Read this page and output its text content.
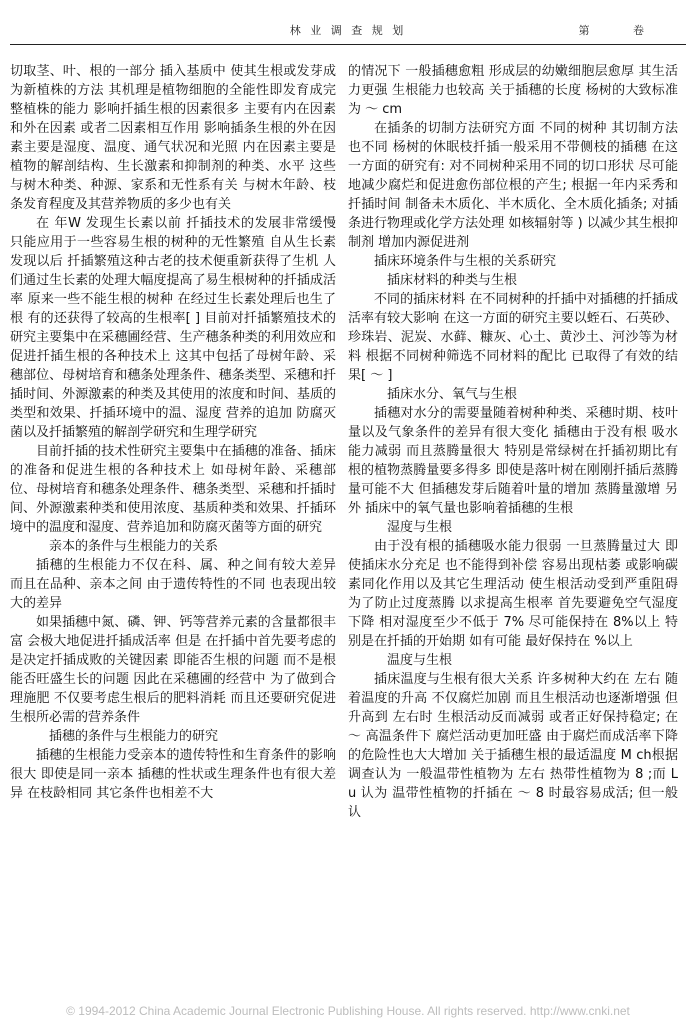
林 业 调 查 规 划	第 卷

切取茎、叶、根的一部分 插入基质中 使其生根或发芽成为新植株的方法 其机理是植物细胞的全能性即发育成完整植株的能力 影响扦插生根的因素很多 主要有内在因素和外在因素 或者二因素相互作用 影响插条生根的外在因素主要是湿度、温度、通气状况和光照 内在因素主要是植物的解剖结构、生长激素和抑制剂的种类、水平 这些与树木种类、种源、家系和无性系有关 与树木年龄、枝条发育程度及其营养物质的多少也有关

在 年W 发现生长素以前 扦插技术的发展非常缓慢 只能应用于一些容易生根的树种的无性繁殖 自从生长素发现以后 扦插繁殖这种古老的技术便重新获得了生机 人们通过生长素的处理大幅度提高了易生根树种的扦插成活率 原来一些不能生根的树种 在经过生长素处理后也生了根 有的还获得了较高的生根率[ ] 目前对扦插繁殖技术的研究主要集中在采穗圃经营、生产穗条种类的利用效应和促进扦插生根的各种技术上 这其中包括了母树年龄、采穗部位、母树培育和穗条处理条件、穗条类型、采穗和扦插时间、外源激素的种类及其使用的浓度和时间、基质的类型和效果、扦插环境中的温、湿度 营养的追加 防腐灭菌以及扦插繁殖的解剖学研究和生理学研究

目前扦插的技术性研究主要集中在插穗的准备、插床的准备和促进生根的各种技术上 如母树年龄、采穗部位、母树培育和穗条处理条件、穗条类型、采穗和扦插时间、外源激素种类和使用浓度、基质种类和效果、扦插环境中的温度和湿度、营养追加和防腐灭菌等方面的研究

亲本的条件与生根能力的关系

插穗的生根能力不仅在科、属、种之间有较大差异 而且在品种、亲本之间 由于遗传特性的不同 也表现出较大的差异

如果插穗中氮、磷、钾、钙等营养元素的含量都很丰富 会极大地促进扦插成活率 但是 在扦插中首先要考虑的是决定扦插成败的关键因素 即能否生根的问题 而不是根能否旺盛生长的问题 因此在采穗圃的经营中 为了做到合理施肥 不仅要考虑生根后的肥料消耗 而且还要研究促进生根所必需的营养条件

插穗的条件与生根能力的研究

插穗的生根能力受亲本的遗传特性和生育条件的影响很大 即使是同一亲本 插穗的性状或生理条件也有很大差异 在枝龄相同 其它条件也相差不大

的情况下 一般插穗愈粗 形成层的幼嫩细胞层愈厚 其生活力更强 生根能力也较高 关于插穗的长度 杨树的大致标准为 ～ cm

在插条的切制方法研究方面 不同的树种 其切制方法也不同 杨树的休眠枝扦插一般采用不带侧枝的插穗 在这一方面的研究有: 对不同树种采用不同的切口形状 尽可能地减少腐烂和促进愈伤部位根的产生; 根据一年内采秀和扦插时间 制备未木质化、半木质化、全木质化插条; 对插条进行物理或化学方法处理 如核辐射等 ) 以减少其生根抑制剂 增加内源促进剂

插床环境条件与生根的关系研究

插床材料的种类与生根

不同的插床材料 在不同树种的扦插中对插穗的扦插成活率有较大影响 在这一方面的研究主要以蛭石、石英砂、珍珠岩、泥炭、水藓、糠灰、心土、黄沙土、河沙等为材料 根据不同树种筛选不同材料的配比 已取得了有效的结果[ ～ ]

插床水分、氧气与生根

插穗对水分的需要量随着树种种类、采穗时期、枝叶量以及气象条件的差异有很大变化 插穗由于没有根 吸水能力减弱 而且蒸腾量很大 特别是常绿树在扦插初期比有根的植物蒸腾量要多得多 即使是落叶树在刚刚扦插后蒸腾量可能不大 但插穗发芽后随着叶量的增加 蒸腾量激增 另外 插床中的氧气量也影响着插穗的生根

湿度与生根

由于没有根的插穗吸水能力很弱 一旦蒸腾量过大 即使插床水分充足 也不能得到补偿 容易出现枯萎 或影响碳素同化作用以及其它生理活动 使生根活动受到严重阻碍 为了防止过度蒸腾 以求提高生根率 首先要避免空气湿度下降 相对湿度至少不低于 7% 尽可能保持在 8%以上 特别是在扦插的开始期 如有可能 最好保持在 %以上

温度与生根

插床温度与生根有很大关系 许多树种大约在 左右 随着温度的升高 不仅腐烂加剧 而且生根活动也逐渐增强 但升高到 左右时 生根活动反而减弱 或者正好保持稳定; 在 ～ 高温条件下 腐烂活动更加旺盛 由于腐烂而成活率下降的危险性也大大增加 关于插穗生根的最适温度 M ch根据调查认为 一般温带性植物为 左右 热带性植物为 8 ;而 L u 认为 温带性植物的扦插在 ～ 8 时最容易成活; 但一般认

© 1994-2012 China Academic Journal Electronic Publishing House. All rights reserved. http://www.cnki.net
